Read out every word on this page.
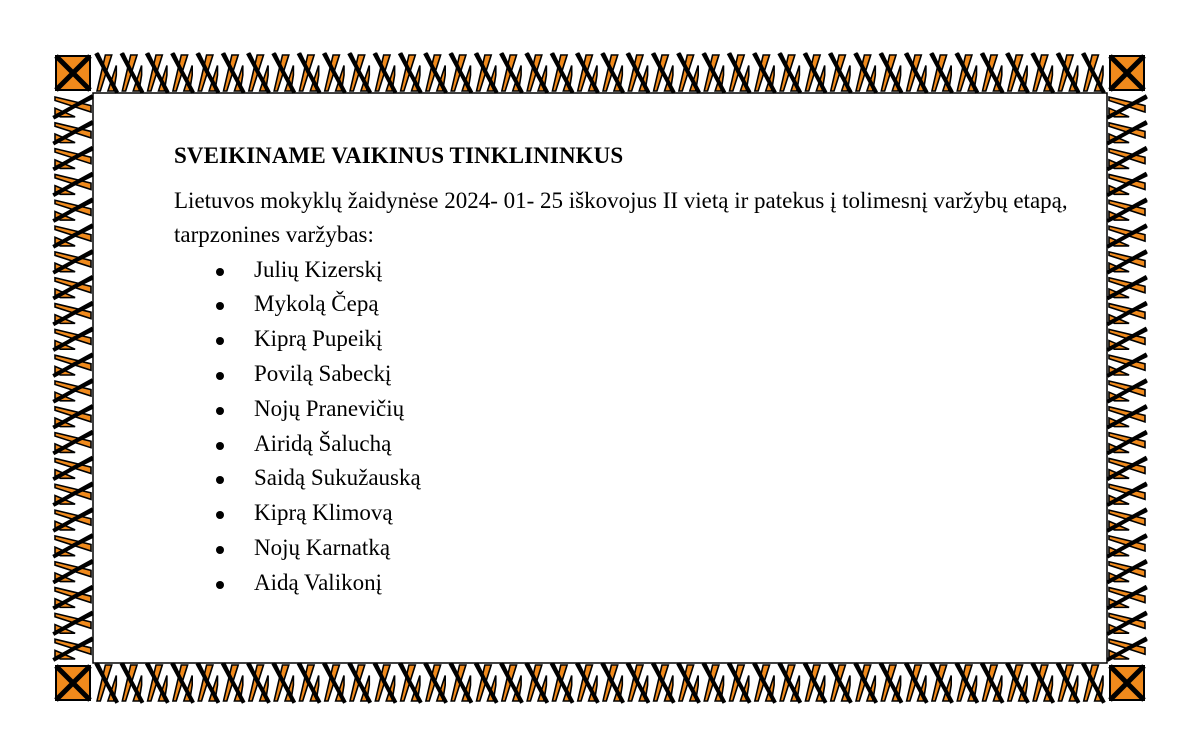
SVEIKINAME VAIKINUS TINKLININKUS

Lietuvos mokyklų žaidynėse 2024- 01- 25 iškovojus II vietą ir patekus į tolimesnį varžybų etapą, tarpzonines varžybas:

Julių Kizerskį
Mykolą Čepą
Kiprą Pupeikį
Povilą Sabeckį
Nojų Pranevičių
Airidą Šaluchą
Saidą Sukužauską
Kiprą Klimovą
Nojų Karnatką
Aidą Valikonį
